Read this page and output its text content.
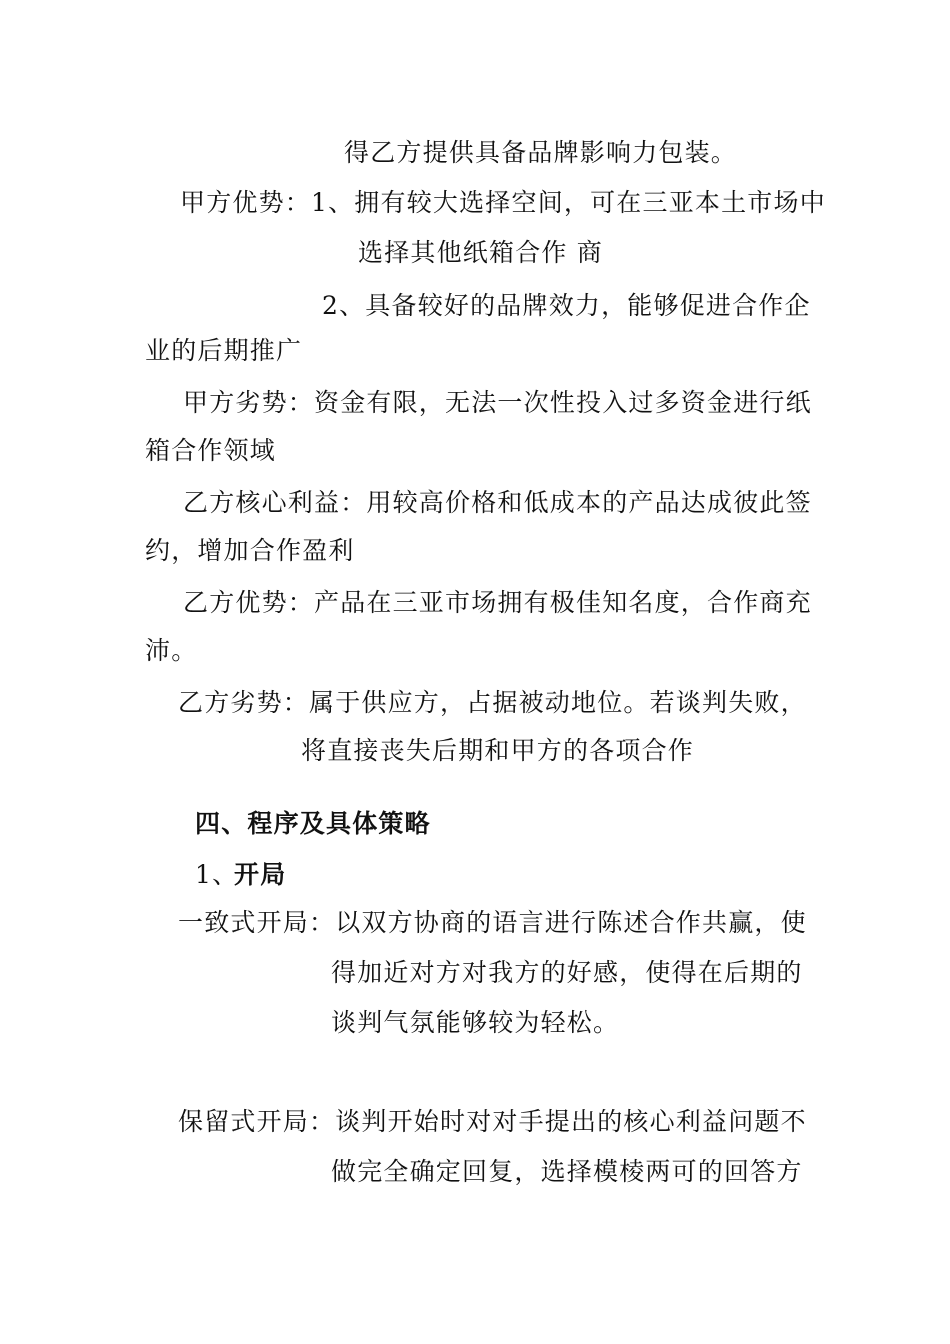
得乙方提供具备品牌影响力包装。
甲方优势：1、拥有较大选择空间，可在三亚本土市场中
选择其他纸箱合作 商
2、具备较好的品牌效力，能够促进合作企
业的后期推广
甲方劣势：资金有限，无法一次性投入过多资金进行纸
箱合作领域
乙方核心利益：用较高价格和低成本的产品达成彼此签
约，增加合作盈利
乙方优势：产品在三亚市场拥有极佳知名度，合作商充
沛。
乙方劣势：属于供应方，占据被动地位。若谈判失败，
将直接丧失后期和甲方的各项合作
四、程序及具体策略
1、
开局
一致式开局：以双方协商的语言进行陈述合作共赢，使
得加近对方对我方的好感，使得在后期的
谈判气氛能够较为轻松。
保留式开局：谈判开始时对对手提出的核心利益问题不
做完全确定回复，选择模棱两可的回答方
